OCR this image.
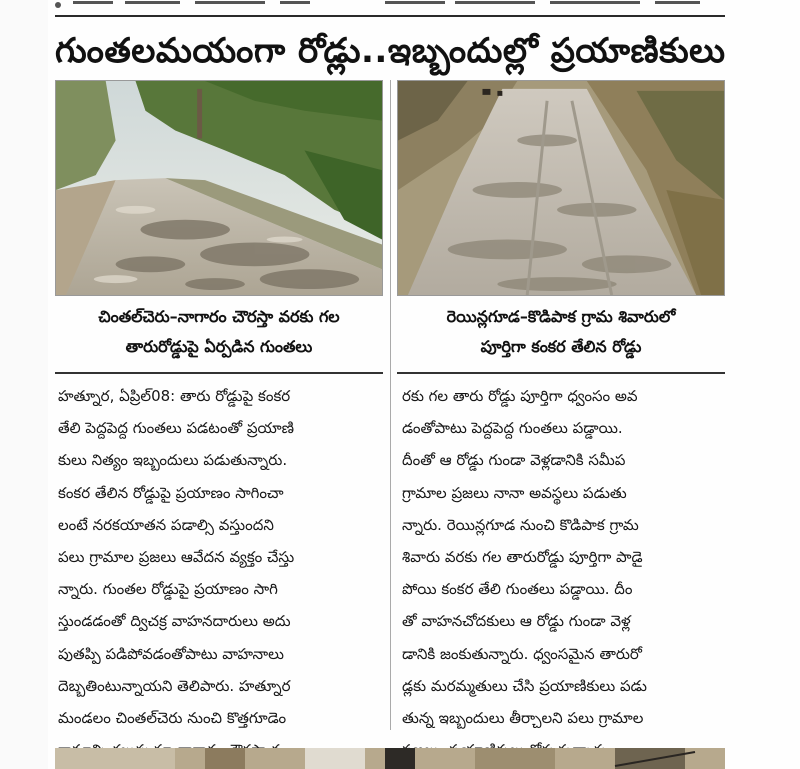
గుంతలమయంగా రోడ్లు..ఇబ్బందుల్లో ప్రయాణికులు
చింతల్‌చెరు–నాగారం చౌరస్తా వరకు గల
తారురోడ్డుపై ఏర్పడిన గుంతలు
రెయిన్లగూడ–కొడిపాక గ్రామ శివారులో
పూర్తిగా కంకర తేలిన రోడ్డు
హత్నూర, ఏప్రిల్‌08: తారు రోడ్డుపై కంకర
తేలి పెద్దపెద్ద గుంతలు పడటంతో ప్రయాణి
కులు నిత్యం ఇబ్బందులు పడుతున్నారు.
కంకర తేలిన రోడ్డుపై ప్రయాణం సాగించా
లంటే నరకయాతన పడాల్సి వస్తుందని
పలు గ్రామాల ప్రజలు ఆవేదన వ్యక్తం చేస్తు
న్నారు. గుంతల రోడ్డుపై ప్రయాణం సాగి
స్తుండడంతో ద్విచక్ర వాహనదారులు అదు
పుతప్పి పడిపోవడంతోపాటు వాహనాలు
దెబ్బతింటున్నాయని తెలిపారు. హత్నూర
మండలం చింతల్‌చెరు నుంచి కొత్తగూడెం
రకు గల తారు రోడ్డు పూర్తిగా ధ్వంసం అవ
డంతోపాటు పెద్దపెద్ద గుంతలు పడ్డాయి.
దీంతో ఆ రోడ్డు గుండా వెళ్లడానికి సమీప
గ్రామాల ప్రజలు నానా అవస్థలు పడుతు
న్నారు. రెయిన్లగూడ నుంచి కొడిపాక గ్రామ
శివారు వరకు గల తారురోడ్డు పూర్తిగా పాడై
పోయి కంకర తేలి గుంతలు పడ్డాయి. దీం
తో వాహనచోదకులు ఆ రోడ్డు గుండా వెళ్ల
డానికి జంకుతున్నారు. ధ్వంసమైన తారురో
డ్లకు మరమ్మతులు చేసి ప్రయాణికులు పడు
తున్న ఇబ్బందులు తీర్చాలని పలు గ్రామాల
